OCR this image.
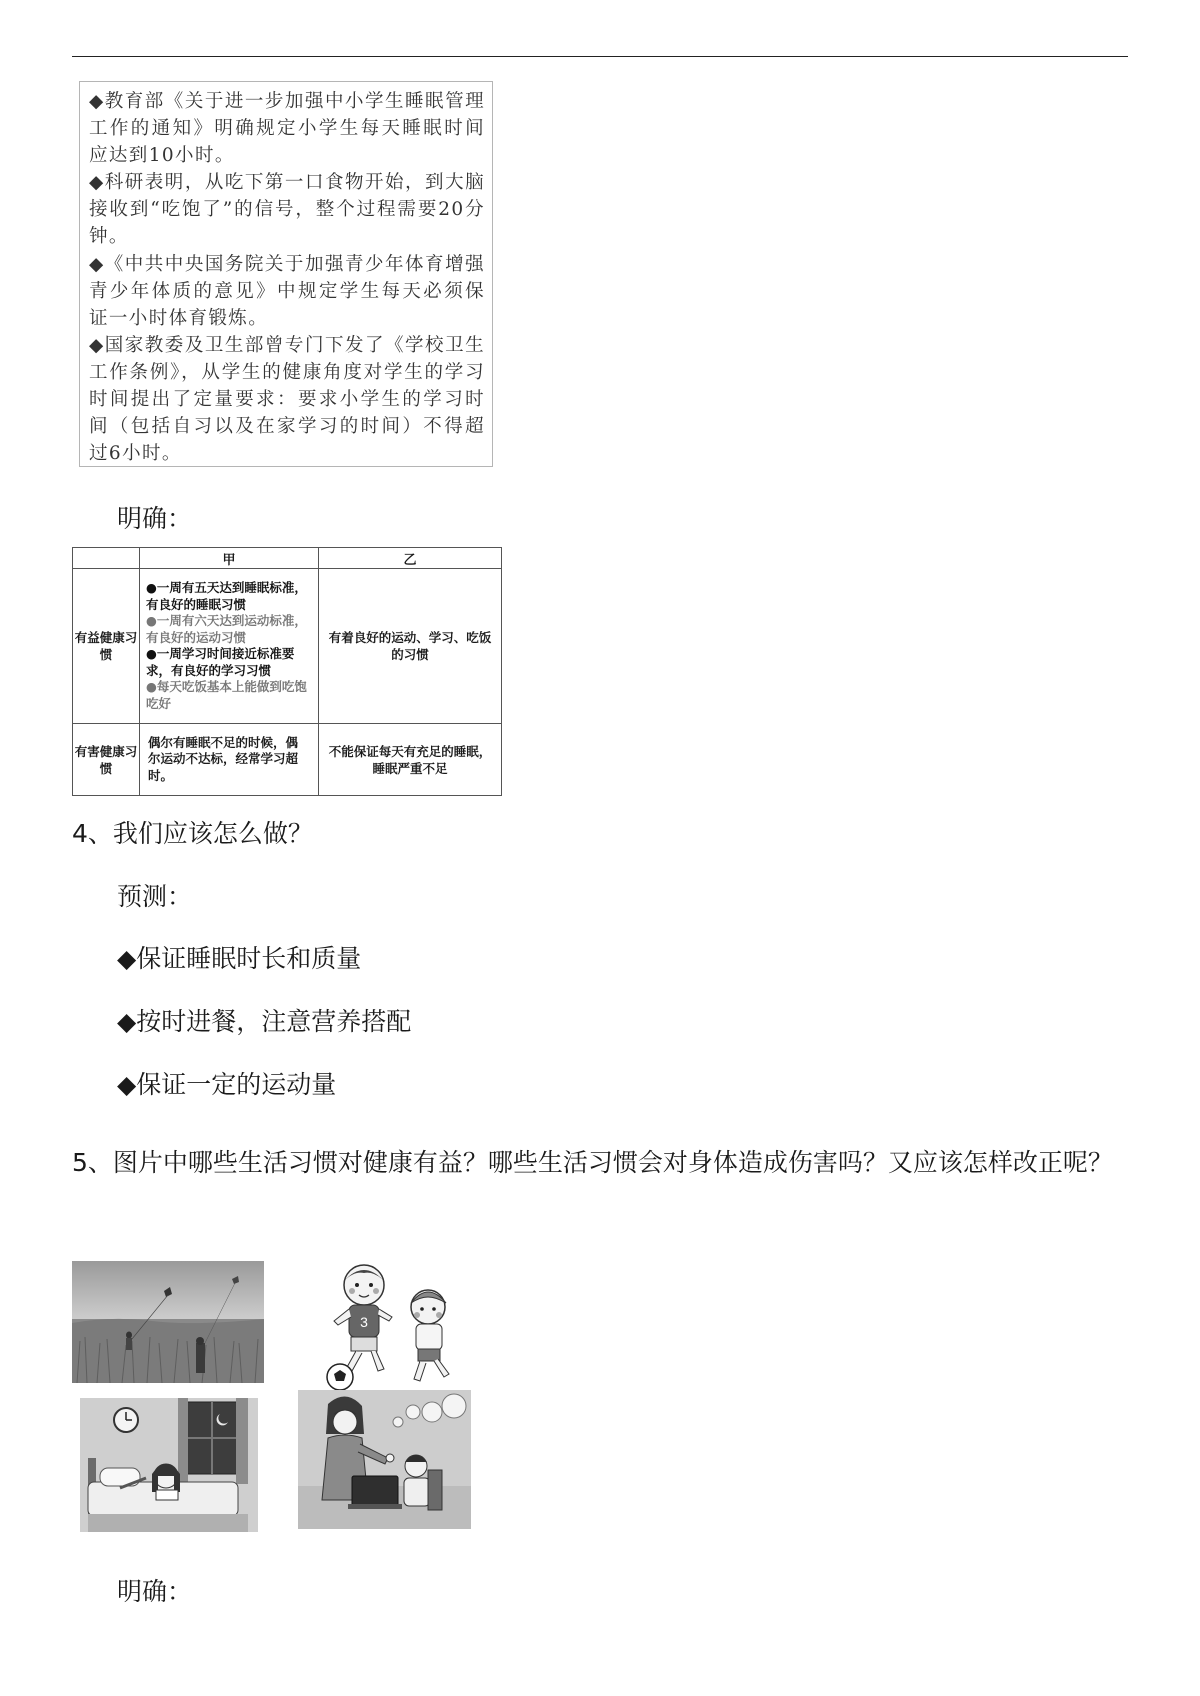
◆教育部《关于进一步加强中小学生睡眠管理工作的通知》明确规定小学生每天睡眠时间应达到10小时。

◆科研表明，从吃下第一口食物开始，到大脑接收到“吃饱了”的信号，整个过程需要20分钟。

◆《中共中央国务院关于加强青少年体育增强青少年体质的意见》中规定学生每天必须保证一小时体育锻炼。

◆国家教委及卫生部曾专门下发了《学校卫生工作条例》，从学生的健康角度对学生的学习时间提出了定量要求：要求小学生的学习时间（包括自习以及在家学习的时间）不得超过6小时。

明确：
	甲	乙
有益健康习惯	●一周有五天达到睡眠标准，有良好的睡眠习惯
●一周有六天达到运动标准，有良好的运动习惯
●一周学习时间接近标准要求，有良好的学习习惯
●每天吃饭基本上能做到吃饱吃好	有着良好的运动、学习、吃饭的习惯
有害健康习惯	偶尔有睡眠不足的时候，偶尔运动不达标，经常学习超时。	不能保证每天有充足的睡眠，睡眠严重不足
4、我们应该怎么做？
预测：
◆保证睡眠时长和质量
◆按时进餐，注意营养搭配
◆保证一定的运动量
5、图片中哪些生活习惯对健康有益？哪些生活习惯会对身体造成伤害吗？又应该怎样改正呢？
3
明确：
